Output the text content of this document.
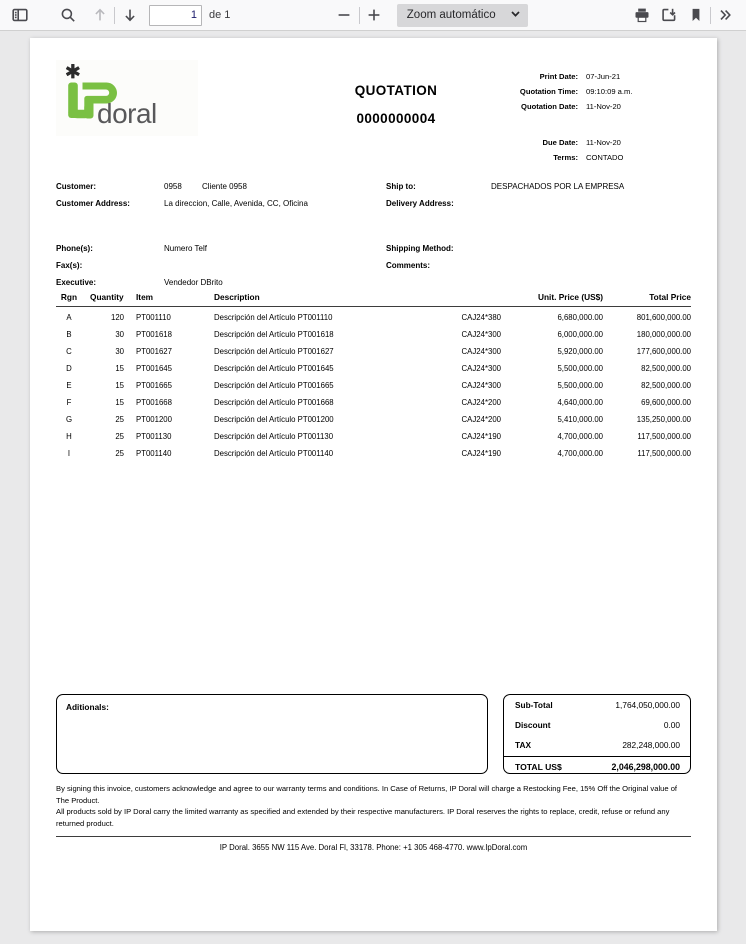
1
de 1	Zoom automático
doral
QUOTATION
0000000004
Print Date:	07-Jun-21
Quotation Time:	09:10:09 a.m.
Quotation Date:	11-Nov-20
Due Date:	11-Nov-20
Terms:	CONTADO
Customer:	0958	Cliente 0958
Customer Address:	La direccion, Calle, Avenida, CC, Oficina
Phone(s):	Numero Telf
Fax(s):
Executive:	Vendedor DBrito
Ship to:	DESPACHADOS POR LA EMPRESA
Delivery Address:
Shipping Method:
Comments:
Rgn	Quantity	Item	Description		Unit. Price (US$)	Total Price
A	120	PT001110	Descripción del Artículo PT001110	CAJ24*380	6,680,000.00	801,600,000.00
B	30	PT001618	Descripción del Artículo PT001618	CAJ24*300	6,000,000.00	180,000,000.00
C	30	PT001627	Descripción del Artículo PT001627	CAJ24*300	5,920,000.00	177,600,000.00
D	15	PT001645	Descripción del Artículo PT001645	CAJ24*300	5,500,000.00	82,500,000.00
E	15	PT001665	Descripción del Artículo PT001665	CAJ24*300	5,500,000.00	82,500,000.00
F	15	PT001668	Descripción del Artículo PT001668	CAJ24*200	4,640,000.00	69,600,000.00
G	25	PT001200	Descripción del Artículo PT001200	CAJ24*200	5,410,000.00	135,250,000.00
H	25	PT001130	Descripción del Artículo PT001130	CAJ24*190	4,700,000.00	117,500,000.00
I	25	PT001140	Descripción del Artículo PT001140	CAJ24*190	4,700,000.00	117,500,000.00
Aditionals:	Sub-Total	1,764,050,000.00
Discount	0.00
TAX	282,248,000.00
TOTAL US$	2,046,298,000.00

By signing this invoice, customers acknowledge and agree to our warranty terms and conditions. In Case of Returns, IP Doral will charge a Restocking Fee, 15% Off the Original value of The Product.

All products sold by IP Doral carry the limited warranty as specified and extended by their respective manufacturers. IP Doral reserves the rights to replace, credit, refuse or refund any returned product.

IP Doral. 3655 NW 115 Ave. Doral Fl, 33178. Phone: +1 305 468-4770. www.IpDoral.com
